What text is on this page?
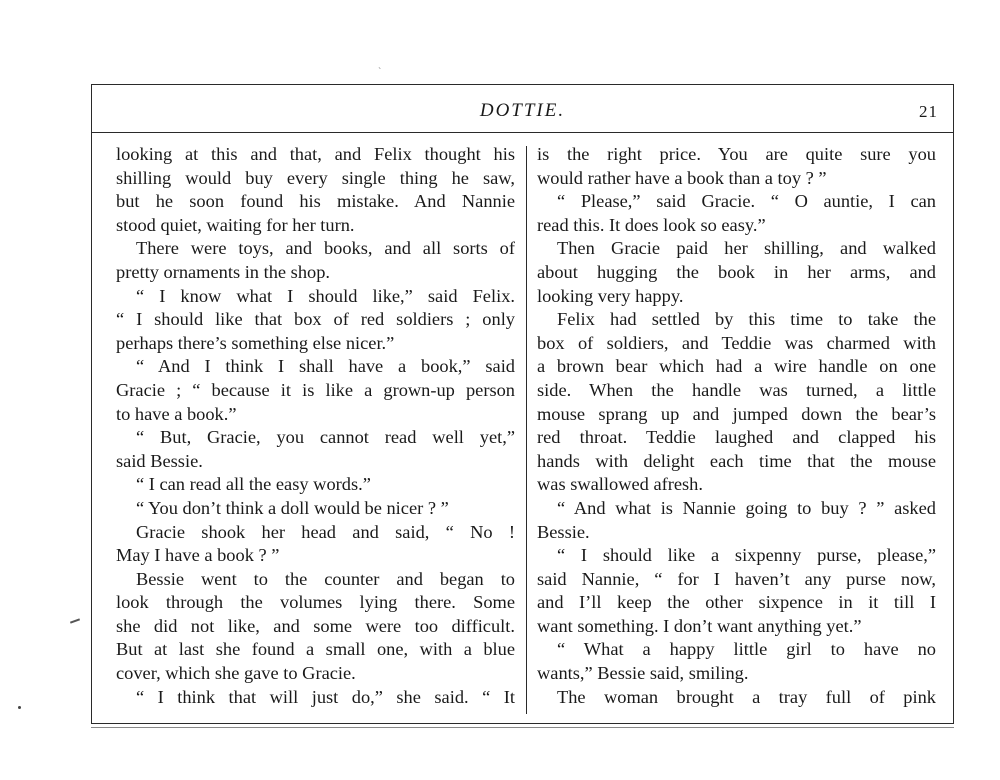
`
DOTTIE.	21
looking at this and that, and Felix thought his
shilling would buy every single thing he saw,
but he soon found his mistake. And Nannie
stood quiet, waiting for her turn.
There were toys, and books, and all sorts of
pretty ornaments in the shop.
“ I know what I should like,” said Felix.
“ I should like that box of red soldiers ; only
perhaps there’s something else nicer.”
“ And I think I shall have a book,” said
Gracie ; “ because it is like a grown-up person
to have a book.”
“ But, Gracie, you cannot read well yet,”
said Bessie.
“ I can read all the easy words.”
“ You don’t think a doll would be nicer ? ”
Gracie shook her head and said, “ No !
May I have a book ? ”
Bessie went to the counter and began to
look through the volumes lying there. Some
she did not like, and some were too difficult.
But at last she found a small one, with a blue
cover, which she gave to Gracie.
“ I think that will just do,” she said. “ It
is the right price. You are quite sure you
would rather have a book than a toy ? ”
“ Please,” said Gracie. “ O auntie, I can
read this. It does look so easy.”
Then Gracie paid her shilling, and walked
about hugging the book in her arms, and
looking very happy.
Felix had settled by this time to take the
box of soldiers, and Teddie was charmed with
a brown bear which had a wire handle on one
side. When the handle was turned, a little
mouse sprang up and jumped down the bear’s
red throat. Teddie laughed and clapped his
hands with delight each time that the mouse
was swallowed afresh.
“ And what is Nannie going to buy ? ” asked
Bessie.
“ I should like a sixpenny purse, please,”
said Nannie, “ for I haven’t any purse now,
and I’ll keep the other sixpence in it till I
want something. I don’t want anything yet.”
“ What a happy little girl to have no
wants,” Bessie said, smiling.
The woman brought a tray full of pink
